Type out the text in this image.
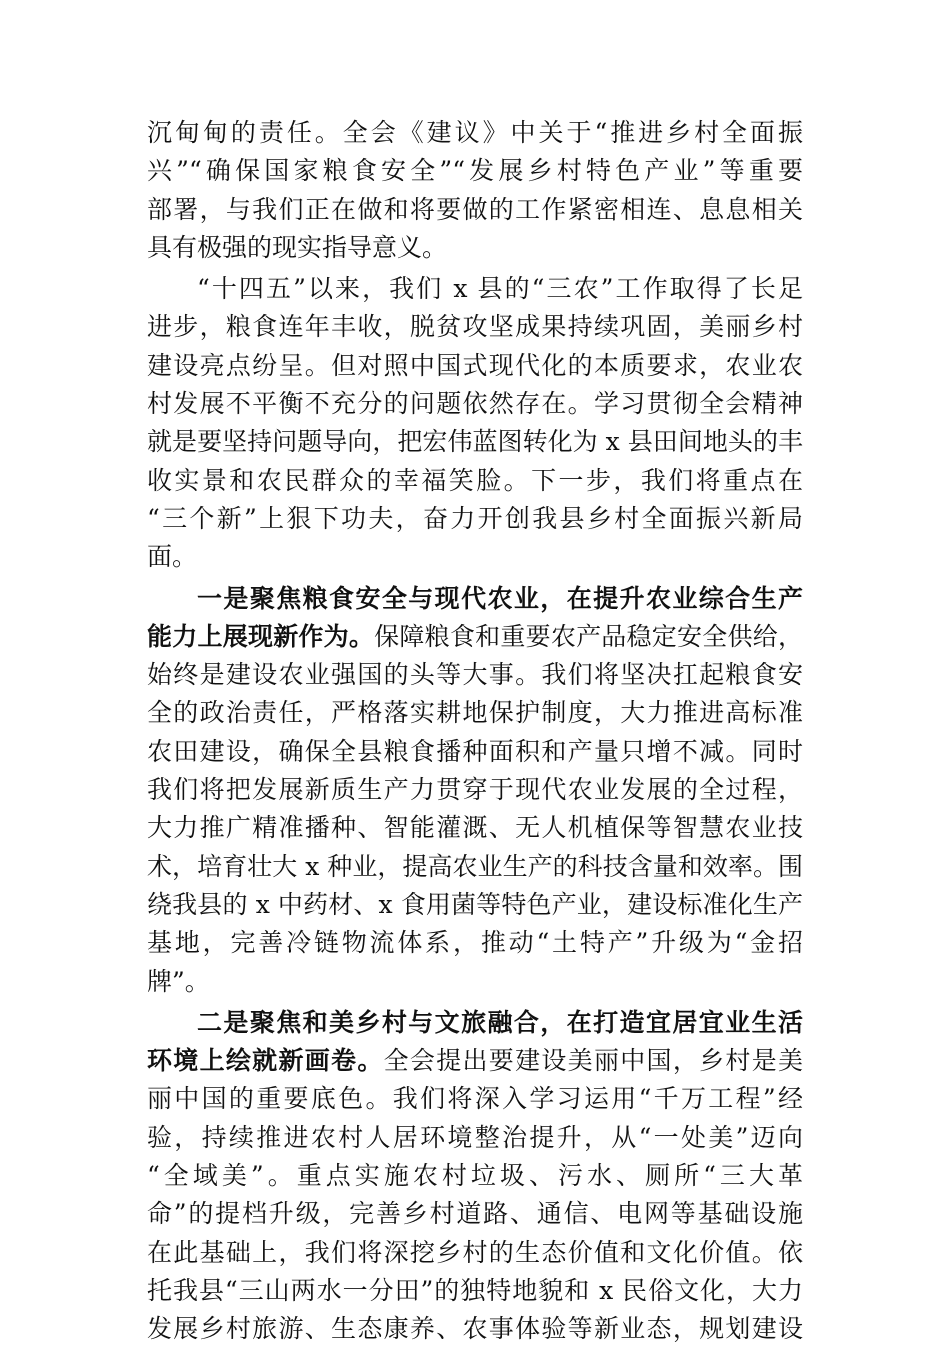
沉甸甸的责任。全会《建议》中关于“推进乡村全面振
兴”“确保国家粮食安全”“发展乡村特色产业”等重要
部署，与我们正在做和将要做的工作紧密相连、息息相关
具有极强的现实指导意义。
“十四五”以来，我们 x 县的“三农”工作取得了长足
进步，粮食连年丰收，脱贫攻坚成果持续巩固，美丽乡村
建设亮点纷呈。但对照中国式现代化的本质要求，农业农
村发展不平衡不充分的问题依然存在。学习贯彻全会精神
就是要坚持问题导向，把宏伟蓝图转化为 x 县田间地头的丰
收实景和农民群众的幸福笑脸。下一步，我们将重点在
“三个新”上狠下功夫，奋力开创我县乡村全面振兴新局
面。
一是聚焦粮食安全与现代农业，在提升农业综合生产
能力上展现新作为。保障粮食和重要农产品稳定安全供给，
始终是建设农业强国的头等大事。我们将坚决扛起粮食安
全的政治责任，严格落实耕地保护制度，大力推进高标准
农田建设，确保全县粮食播种面积和产量只增不减。同时
我们将把发展新质生产力贯穿于现代农业发展的全过程，
大力推广精准播种、智能灌溉、无人机植保等智慧农业技
术，培育壮大 x 种业，提高农业生产的科技含量和效率。围
绕我县的 x 中药材、x 食用菌等特色产业，建设标准化生产
基地，完善冷链物流体系，推动“土特产”升级为“金招
牌”。
二是聚焦和美乡村与文旅融合，在打造宜居宜业生活
环境上绘就新画卷。全会提出要建设美丽中国，乡村是美
丽中国的重要底色。我们将深入学习运用“千万工程”经
验，持续推进农村人居环境整治提升，从“一处美”迈向
“全域美”。重点实施农村垃圾、污水、厕所“三大革
命”的提档升级，完善乡村道路、通信、电网等基础设施
在此基础上，我们将深挖乡村的生态价值和文化价值。依
托我县“三山两水一分田”的独特地貌和 x 民俗文化，大力
发展乡村旅游、生态康养、农事体验等新业态，规划建设
